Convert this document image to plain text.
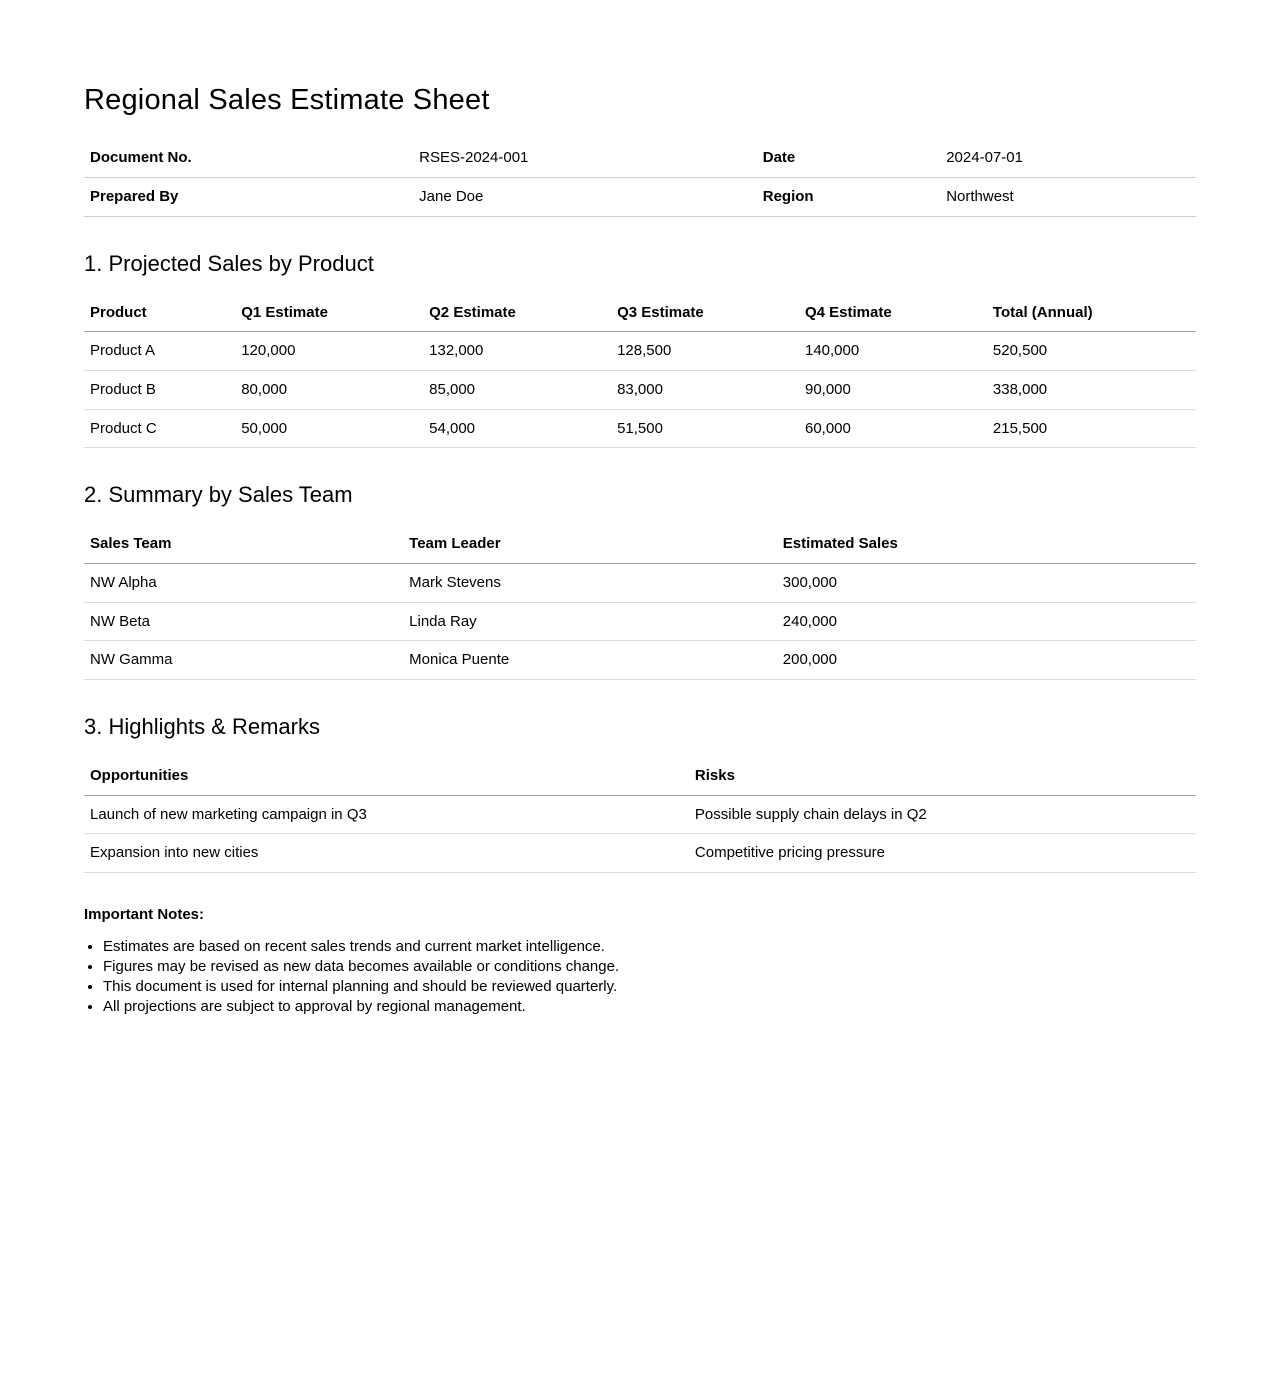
Regional Sales Estimate Sheet
Document No.	RSES-2024-001	Date	2024-07-01
Prepared By	Jane Doe	Region	Northwest
1. Projected Sales by Product
Product	Q1 Estimate	Q2 Estimate	Q3 Estimate	Q4 Estimate	Total (Annual)
Product A	120,000	132,000	128,500	140,000	520,500
Product B	80,000	85,000	83,000	90,000	338,000
Product C	50,000	54,000	51,500	60,000	215,500
2. Summary by Sales Team
Sales Team	Team Leader	Estimated Sales
NW Alpha	Mark Stevens	300,000
NW Beta	Linda Ray	240,000
NW Gamma	Monica Puente	200,000
3. Highlights & Remarks
Opportunities	Risks
Launch of new marketing campaign in Q3	Possible supply chain delays in Q2
Expansion into new cities	Competitive pricing pressure

Important Notes:

• Estimates are based on recent sales trends and current market intelligence.
• Figures may be revised as new data becomes available or conditions change.
• This document is used for internal planning and should be reviewed quarterly.
• All projections are subject to approval by regional management.
